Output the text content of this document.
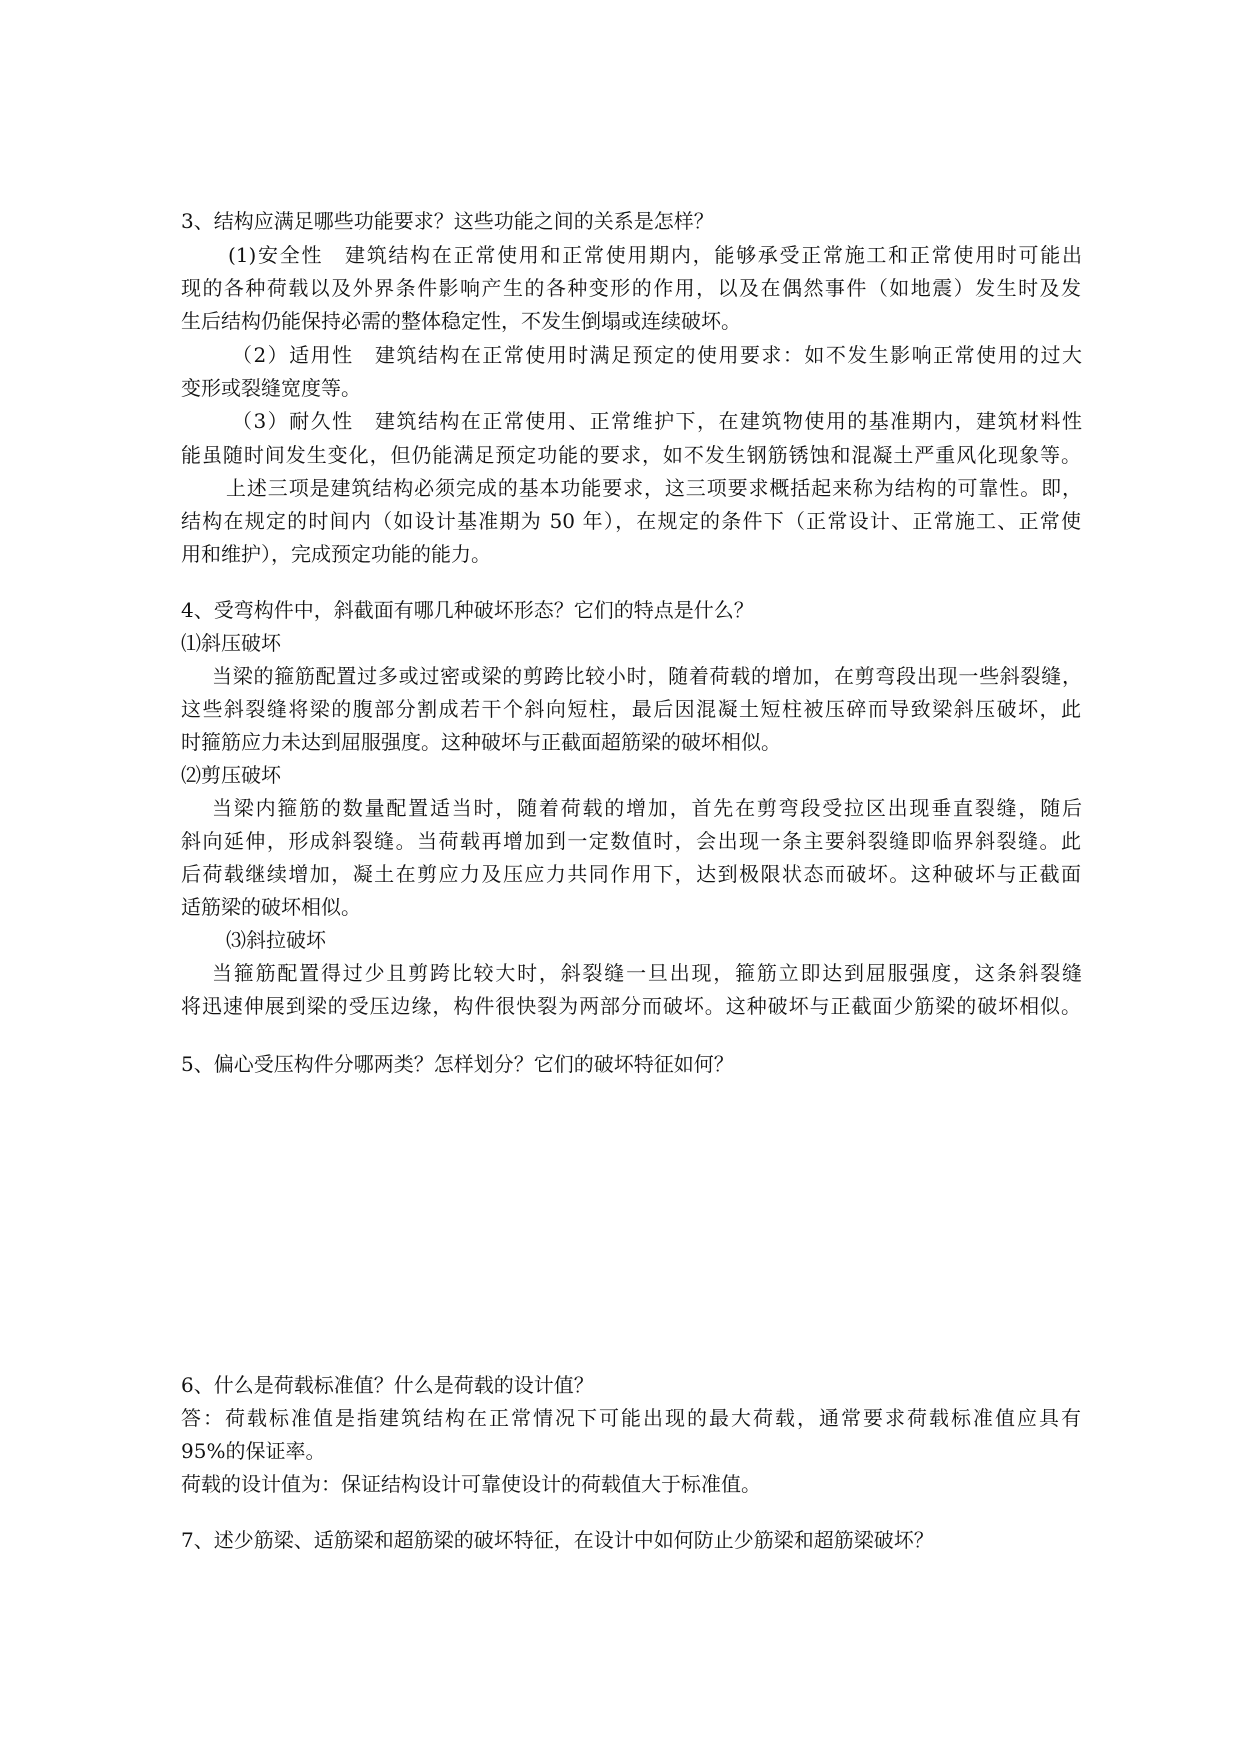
3、结构应满足哪些功能要求？这些功能之间的关系是怎样？
(1)安全性　建筑结构在正常使用和正常使用期内，能够承受正常施工和正常使用时可能出
现的各种荷载以及外界条件影响产生的各种变形的作用，以及在偶然事件（如地震）发生时及发
生后结构仍能保持必需的整体稳定性，不发生倒塌或连续破坏。
（2）适用性　建筑结构在正常使用时满足预定的使用要求：如不发生影响正常使用的过大
变形或裂缝宽度等。
（3）耐久性　建筑结构在正常使用、正常维护下，在建筑物使用的基准期内，建筑材料性
能虽随时间发生变化，但仍能满足预定功能的要求，如不发生钢筋锈蚀和混凝土严重风化现象等。
上述三项是建筑结构必须完成的基本功能要求，这三项要求概括起来称为结构的可靠性。即，
结构在规定的时间内（如设计基准期为 50 年），在规定的条件下（正常设计、正常施工、正常使
用和维护），完成预定功能的能力。
4、受弯构件中，斜截面有哪几种破坏形态？它们的特点是什么？
⑴斜压破坏
当梁的箍筋配置过多或过密或梁的剪跨比较小时，随着荷载的增加，在剪弯段出现一些斜裂缝，
这些斜裂缝将梁的腹部分割成若干个斜向短柱，最后因混凝土短柱被压碎而导致梁斜压破坏，此
时箍筋应力未达到屈服强度。这种破坏与正截面超筋梁的破坏相似。
⑵剪压破坏
当梁内箍筋的数量配置适当时，随着荷载的增加，首先在剪弯段受拉区出现垂直裂缝，随后
斜向延伸，形成斜裂缝。当荷载再增加到一定数值时，会出现一条主要斜裂缝即临界斜裂缝。此
后荷载继续增加，凝土在剪应力及压应力共同作用下，达到极限状态而破坏。这种破坏与正截面
适筋梁的破坏相似。
⑶斜拉破坏
当箍筋配置得过少且剪跨比较大时，斜裂缝一旦出现，箍筋立即达到屈服强度，这条斜裂缝
将迅速伸展到梁的受压边缘，构件很快裂为两部分而破坏。这种破坏与正截面少筋梁的破坏相似。
5、偏心受压构件分哪两类？怎样划分？它们的破坏特征如何？
6、什么是荷载标准值？什么是荷载的设计值？
答：荷载标准值是指建筑结构在正常情况下可能出现的最大荷载，通常要求荷载标准值应具有
95%的保证率。
荷载的设计值为：保证结构设计可靠使设计的荷载值大于标准值。
7、述少筋梁、适筋梁和超筋梁的破坏特征，在设计中如何防止少筋梁和超筋梁破坏？
